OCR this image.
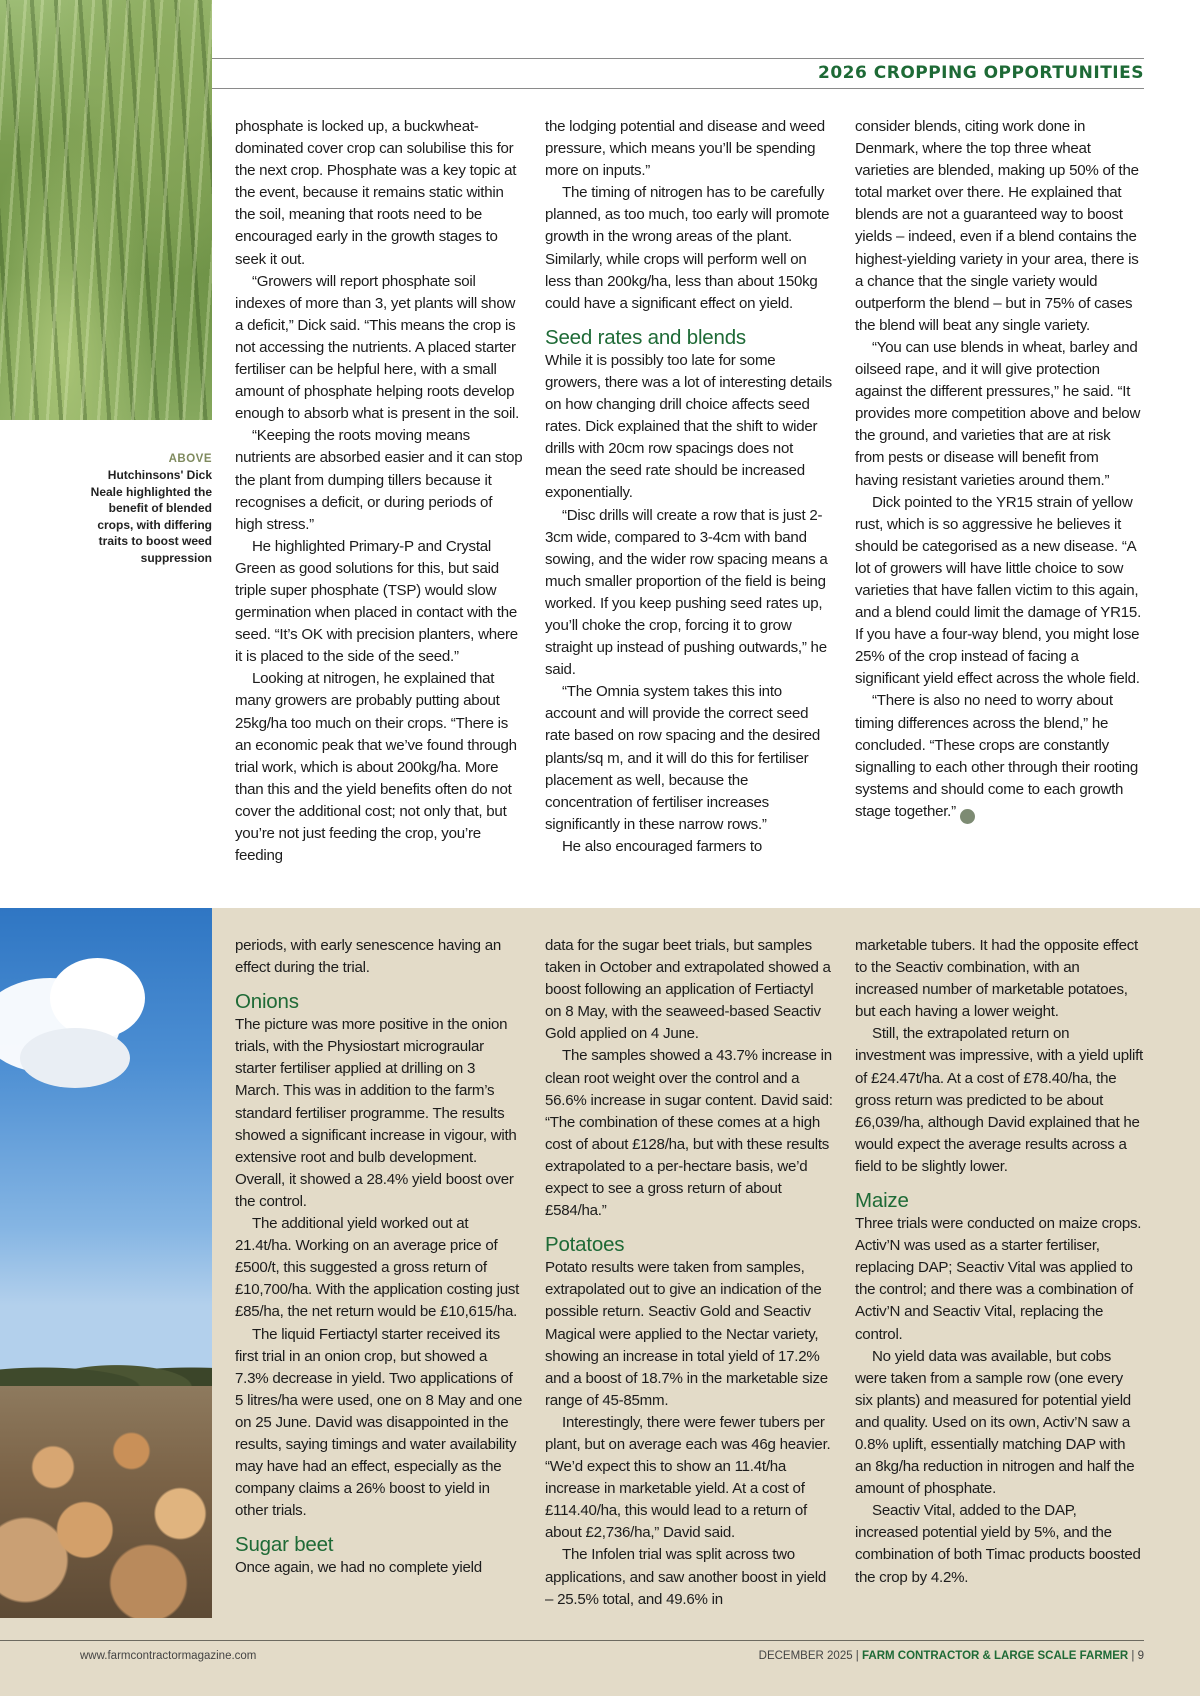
2026 CROPPING OPPORTUNITIES
ABOVE
Hutchinsons' Dick Neale highlighted the benefit of blended crops, with differing traits to boost weed suppression

phosphate is locked up, a buckwheat-dominated cover crop can solubilise this for the next crop. Phosphate was a key topic at the event, because it remains static within the soil, meaning that roots need to be encouraged early in the growth stages to seek it out.

“Growers will report phosphate soil indexes of more than 3, yet plants will show a deficit,” Dick said. “This means the crop is not accessing the nutrients. A placed starter fertiliser can be helpful here, with a small amount of phosphate helping roots develop enough to absorb what is present in the soil.

“Keeping the roots moving means nutrients are absorbed easier and it can stop the plant from dumping tillers because it recognises a deficit, or during periods of high stress.”

He highlighted Primary-P and Crystal Green as good solutions for this, but said triple super phosphate (TSP) would slow germination when placed in contact with the seed. “It’s OK with precision planters, where it is placed to the side of the seed.”

Looking at nitrogen, he explained that many growers are probably putting about 25kg/ha too much on their crops. “There is an economic peak that we’ve found through trial work, which is about 200kg/ha. More than this and the yield benefits often do not cover the additional cost; not only that, but you’re not just feeding the crop, you’re feeding

the lodging potential and disease and weed pressure, which means you’ll be spending more on inputs.”

The timing of nitrogen has to be carefully planned, as too much, too early will promote growth in the wrong areas of the plant. Similarly, while crops will perform well on less than 200kg/ha, less than about 150kg could have a significant effect on yield.

Seed rates and blends

While it is possibly too late for some growers, there was a lot of interesting details on how changing drill choice affects seed rates. Dick explained that the shift to wider drills with 20cm row spacings does not mean the seed rate should be increased exponentially.

“Disc drills will create a row that is just 2-3cm wide, compared to 3-4cm with band sowing, and the wider row spacing means a much smaller proportion of the field is being worked. If you keep pushing seed rates up, you’ll choke the crop, forcing it to grow straight up instead of pushing outwards,” he said.

“The Omnia system takes this into account and will provide the correct seed rate based on row spacing and the desired plants/sq m, and it will do this for fertiliser placement as well, because the concentration of fertiliser increases significantly in these narrow rows.”

He also encouraged farmers to

consider blends, citing work done in Denmark, where the top three wheat varieties are blended, making up 50% of the total market over there. He explained that blends are not a guaranteed way to boost yields – indeed, even if a blend contains the highest-yielding variety in your area, there is a chance that the single variety would outperform the blend – but in 75% of cases the blend will beat any single variety.

“You can use blends in wheat, barley and oilseed rape, and it will give protection against the different pressures,” he said. “It provides more competition above and below the ground, and varieties that are at risk from pests or disease will benefit from having resistant varieties around them.”

Dick pointed to the YR15 strain of yellow rust, which is so aggressive he believes it should be categorised as a new disease. “A lot of growers will have little choice to sow varieties that have fallen victim to this again, and a blend could limit the damage of YR15. If you have a four-way blend, you might lose 25% of the crop instead of facing a significant yield effect across the whole field.

“There is also no need to worry about timing differences across the blend,” he concluded. “These crops are constantly signalling to each other through their rooting systems and should come to each growth stage together.”	FC

periods, with early senescence having an effect during the trial.

Onions

The picture was more positive in the onion trials, with the Physiostart micrograular starter fertiliser applied at drilling on 3 March. This was in addition to the farm’s standard fertiliser programme. The results showed a significant increase in vigour, with extensive root and bulb development. Overall, it showed a 28.4% yield boost over the control.

The additional yield worked out at 21.4t/ha. Working on an average price of £500/t, this suggested a gross return of £10,700/ha. With the application costing just £85/ha, the net return would be £10,615/ha.

The liquid Fertiactyl starter received its first trial in an onion crop, but showed a 7.3% decrease in yield. Two applications of 5 litres/ha were used, one on 8 May and one on 25 June. David was disappointed in the results, saying timings and water availability may have had an effect, especially as the company claims a 26% boost to yield in other trials.

Sugar beet

Once again, we had no complete yield

data for the sugar beet trials, but samples taken in October and extrapolated showed a boost following an application of Fertiactyl on 8 May, with the seaweed-based Seactiv Gold applied on 4 June.

The samples showed a 43.7% increase in clean root weight over the control and a 56.6% increase in sugar content. David said: “The combination of these comes at a high cost of about £128/ha, but with these results extrapolated to a per-hectare basis, we’d expect to see a gross return of about £584/ha.”

Potatoes

Potato results were taken from samples, extrapolated out to give an indication of the possible return. Seactiv Gold and Seactiv Magical were applied to the Nectar variety, showing an increase in total yield of 17.2% and a boost of 18.7% in the marketable size range of 45-85mm.

Interestingly, there were fewer tubers per plant, but on average each was 46g heavier. “We’d expect this to show an 11.4t/ha increase in marketable yield. At a cost of £114.40/ha, this would lead to a return of about £2,736/ha,” David said.

The Infolen trial was split across two applications, and saw another boost in yield – 25.5% total, and 49.6% in

marketable tubers. It had the opposite effect to the Seactiv combination, with an increased number of marketable potatoes, but each having a lower weight.

Still, the extrapolated return on investment was impressive, with a yield uplift of £24.47t/ha. At a cost of £78.40/ha, the gross return was predicted to be about £6,039/ha, although David explained that he would expect the average results across a field to be slightly lower.

Maize

Three trials were conducted on maize crops. Activ’N was used as a starter fertiliser, replacing DAP; Seactiv Vital was applied to the control; and there was a combination of Activ’N and Seactiv Vital, replacing the control.

No yield data was available, but cobs were taken from a sample row (one every six plants) and measured for potential yield and quality. Used on its own, Activ’N saw a 0.8% uplift, essentially matching DAP with an 8kg/ha reduction in nitrogen and half the amount of phosphate.

Seactiv Vital, added to the DAP, increased potential yield by 5%, and the combination of both Timac products boosted the crop by 4.2%.

www.farmcontractormagazine.com	DECEMBER 2025 | FARM CONTRACTOR & LARGE SCALE FARMER | 9
